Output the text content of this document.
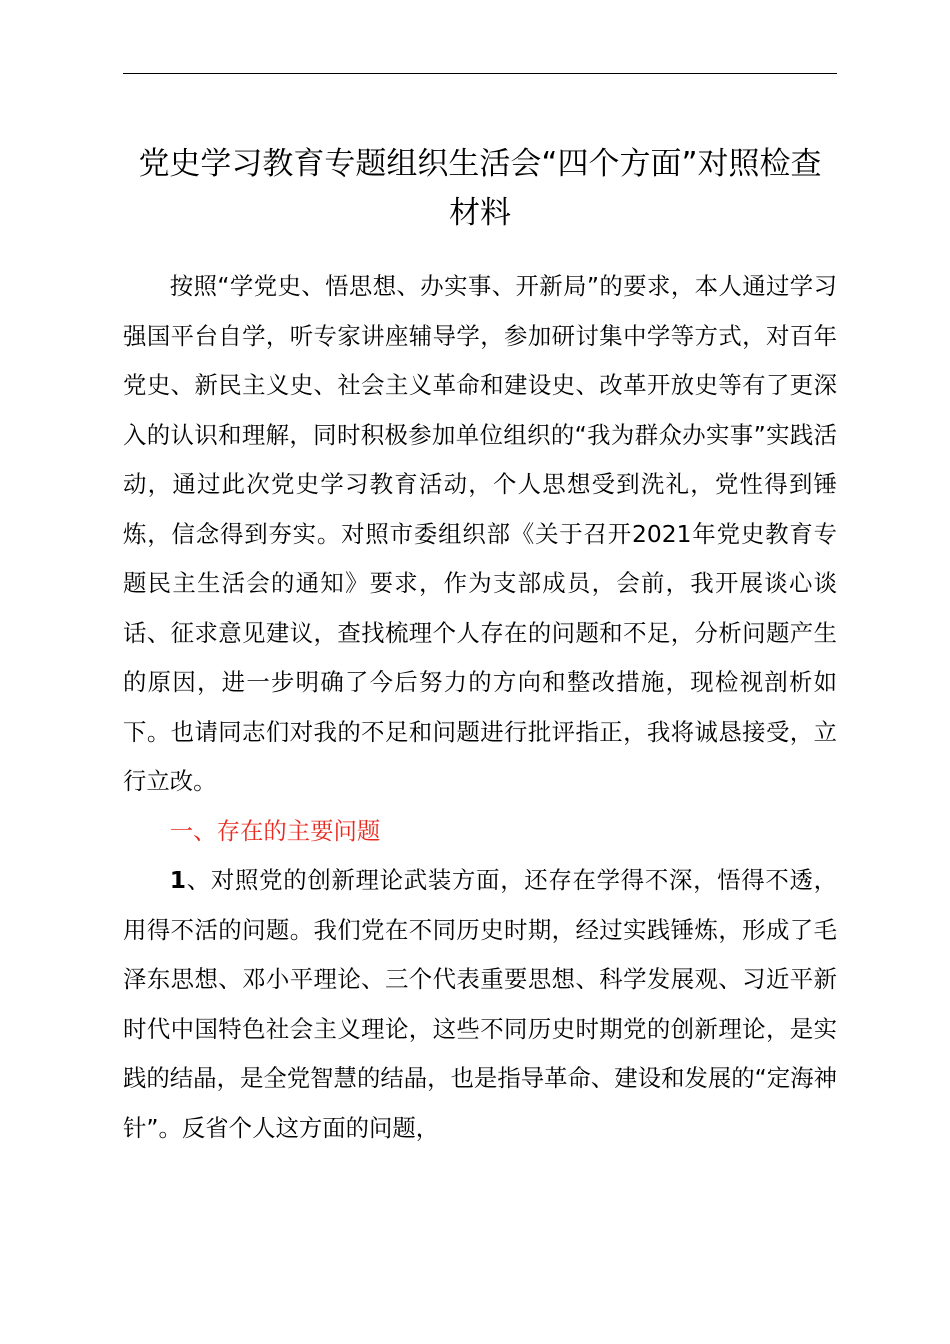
党史学习教育专题组织生活会“四个方面”对照检查材料

按照“学党史、悟思想、办实事、开新局”的要求，本人通过学习强国平台自学，听专家讲座辅导学，参加研讨集中学等方式，对百年党史、新民主义史、社会主义革命和建设史、改革开放史等有了更深入的认识和理解，同时积极参加单位组织的“我为群众办实事”实践活动，通过此次党史学习教育活动，个人思想受到洗礼，党性得到锤炼，信念得到夯实。对照市委组织部《关于召开2021年党史教育专题民主生活会的通知》要求，作为支部成员，会前，我开展谈心谈话、征求意见建议，查找梳理个人存在的问题和不足，分析问题产生的原因，进一步明确了今后努力的方向和整改措施，现检视剖析如下。也请同志们对我的不足和问题进行批评指正，我将诚恳接受，立行立改。

一、存在的主要问题

1、对照党的创新理论武装方面，还存在学得不深，悟得不透，用得不活的问题。我们党在不同历史时期，经过实践锤炼，形成了毛泽东思想、邓小平理论、三个代表重要思想、科学发展观、习近平新时代中国特色社会主义理论，这些不同历史时期党的创新理论，是实践的结晶，是全党智慧的结晶，也是指导革命、建设和发展的“定海神针”。反省个人这方面的问题，
